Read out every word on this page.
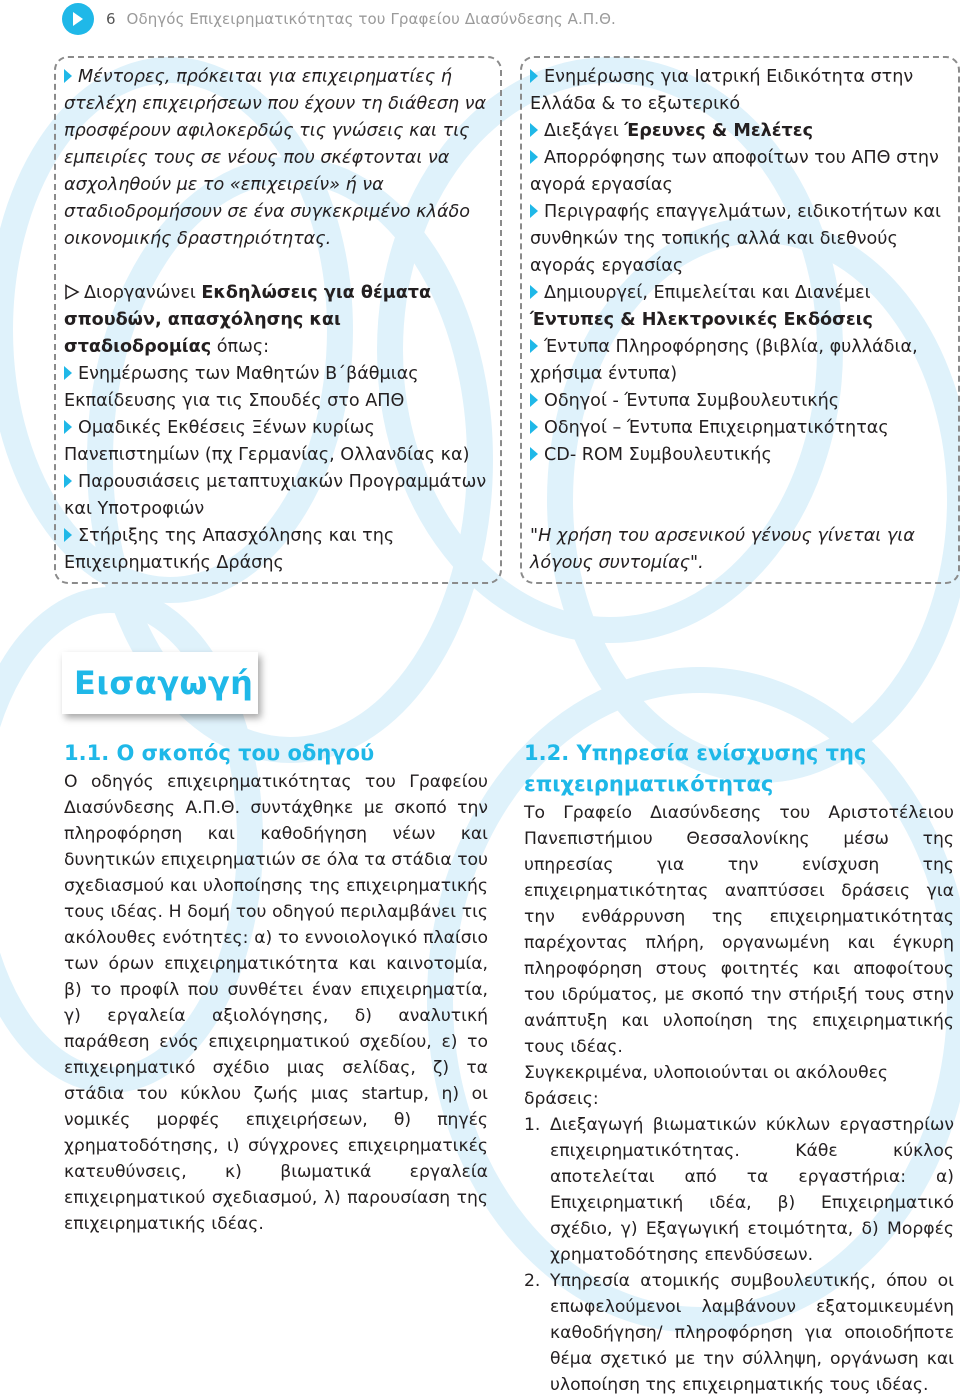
6 Οδηγός Επιχειρηματικότητας του Γραφείου Διασύνδεσης Α.Π.Θ.

Μέντορες, πρόκειται για επιχειρηματίες ή στελέχη επιχειρήσεων που έχουν τη διάθεση να προσφέρουν αφιλοκερδώς τις γνώσεις και τις εμπειρίες τους σε νέους που σκέφτονται να ασχοληθούν με το «επιχειρείν» ή να σταδιοδρομήσουν σε ένα συγκεκριμένο κλάδο οικονομικής δραστηριότητας.

Διοργανώνει Εκδηλώσεις για θέματα σπουδών, απασχόλησης και σταδιοδρομίας όπως:

Ενημέρωσης των Μαθητών Β΄βάθμιας Εκπαίδευσης για τις Σπουδές στο ΑΠΘ

Ομαδικές Εκθέσεις Ξένων κυρίως Πανεπιστημίων (πχ Γερμανίας, Ολλανδίας κα)

Παρουσιάσεις μεταπτυχιακών Προγραμμάτων και Υποτροφιών

Στήριξης της Απασχόλησης και της Επιχειρηματικής Δράσης

Ενημέρωσης για Ιατρική Ειδικότητα στην Ελλάδα & το εξωτερικό

Διεξάγει Έρευνες & Μελέτες

Απορρόφησης των αποφοίτων του ΑΠΘ στην αγορά εργασίας

Περιγραφής επαγγελμάτων, ειδικοτήτων και συνθηκών της τοπικής αλλά και διεθνούς αγοράς εργασίας

Δημιουργεί, Επιμελείται και Διανέμει Έντυπες & Ηλεκτρονικές Εκδόσεις

Έντυπα Πληροφόρησης (βιβλία, φυλλάδια, χρήσιμα έντυπα)

Οδηγοί - Έντυπα Συμβουλευτικής

Οδηγοί – Έντυπα Επιχειρηματικότητας

CD- ROM Συμβουλευτικής

"Η χρήση του αρσενικού γένους γίνεται για λόγους συντομίας".

Εισαγωγή

1.1. Ο σκοπός του οδηγού

Ο οδηγός επιχειρηματικότητας του Γραφείου Διασύνδεσης Α.Π.Θ. συντάχθηκε με σκοπό την πληροφόρηση και καθοδήγηση νέων και δυνητικών επιχειρηματιών σε όλα τα στάδια του σχεδιασμού και υλοποίησης της επιχειρηματικής τους ιδέας. Η δομή του οδηγού περιλαμβάνει τις ακόλουθες ενότητες: α) το εννοιολογικό πλαίσιο των όρων επιχειρηματικότητα και καινοτομία, β) το προφίλ που συνθέτει έναν επιχειρηματία, γ) εργαλεία αξιολόγησης, δ) αναλυτική παράθεση ενός επιχειρηματικού σχεδίου, ε) το επιχειρηματικό σχέδιο μιας σελίδας, ζ) τα στάδια του κύκλου ζωής μιας startup, η) οι νομικές μορφές επιχειρήσεων, θ) πηγές χρηματοδότησης, ι) σύγχρονες επιχειρηματικές κατευθύνσεις, κ) βιωματικά εργαλεία επιχειρηματικού σχεδιασμού, λ) παρουσίαση της επιχειρηματικής ιδέας.

1.2. Υπηρεσία ενίσχυσης της επιχειρηματικότητας

Το Γραφείο Διασύνδεσης του Αριστοτέλειου Πανεπιστήμιου Θεσσαλονίκης μέσω της υπηρεσίας για την ενίσχυση της επιχειρηματικότητας αναπτύσσει δράσεις για την ενθάρρυνση της επιχειρηματικότητας παρέχοντας πλήρη, οργανωμένη και έγκυρη πληροφόρηση στους φοιτητές και αποφοίτους του ιδρύματος, με σκοπό την στήριξή τους στην ανάπτυξη και υλοποίηση της επιχειρηματικής τους ιδέας.

Συγκεκριμένα, υλοποιούνται οι ακόλουθες δράσεις:

1. Διεξαγωγή βιωματικών κύκλων εργαστηρίων επιχειρηματικότητας. Κάθε κύκλος αποτελείται από τα εργαστήρια: α) Επιχειρηματική ιδέα, β) Επιχειρηματικό σχέδιο, γ) Εξαγωγική ετοιμότητα, δ) Μορφές χρηματοδότησης επενδύσεων.
2. Υπηρεσία ατομικής συμβουλευτικής, όπου οι επωφελούμενοι λαμβάνουν εξατομικευμένη καθοδήγηση/ πληροφόρηση για οποιοδήποτε θέμα σχετικό με την σύλληψη, οργάνωση και υλοποίηση της επιχειρηματικής τους ιδέας.
